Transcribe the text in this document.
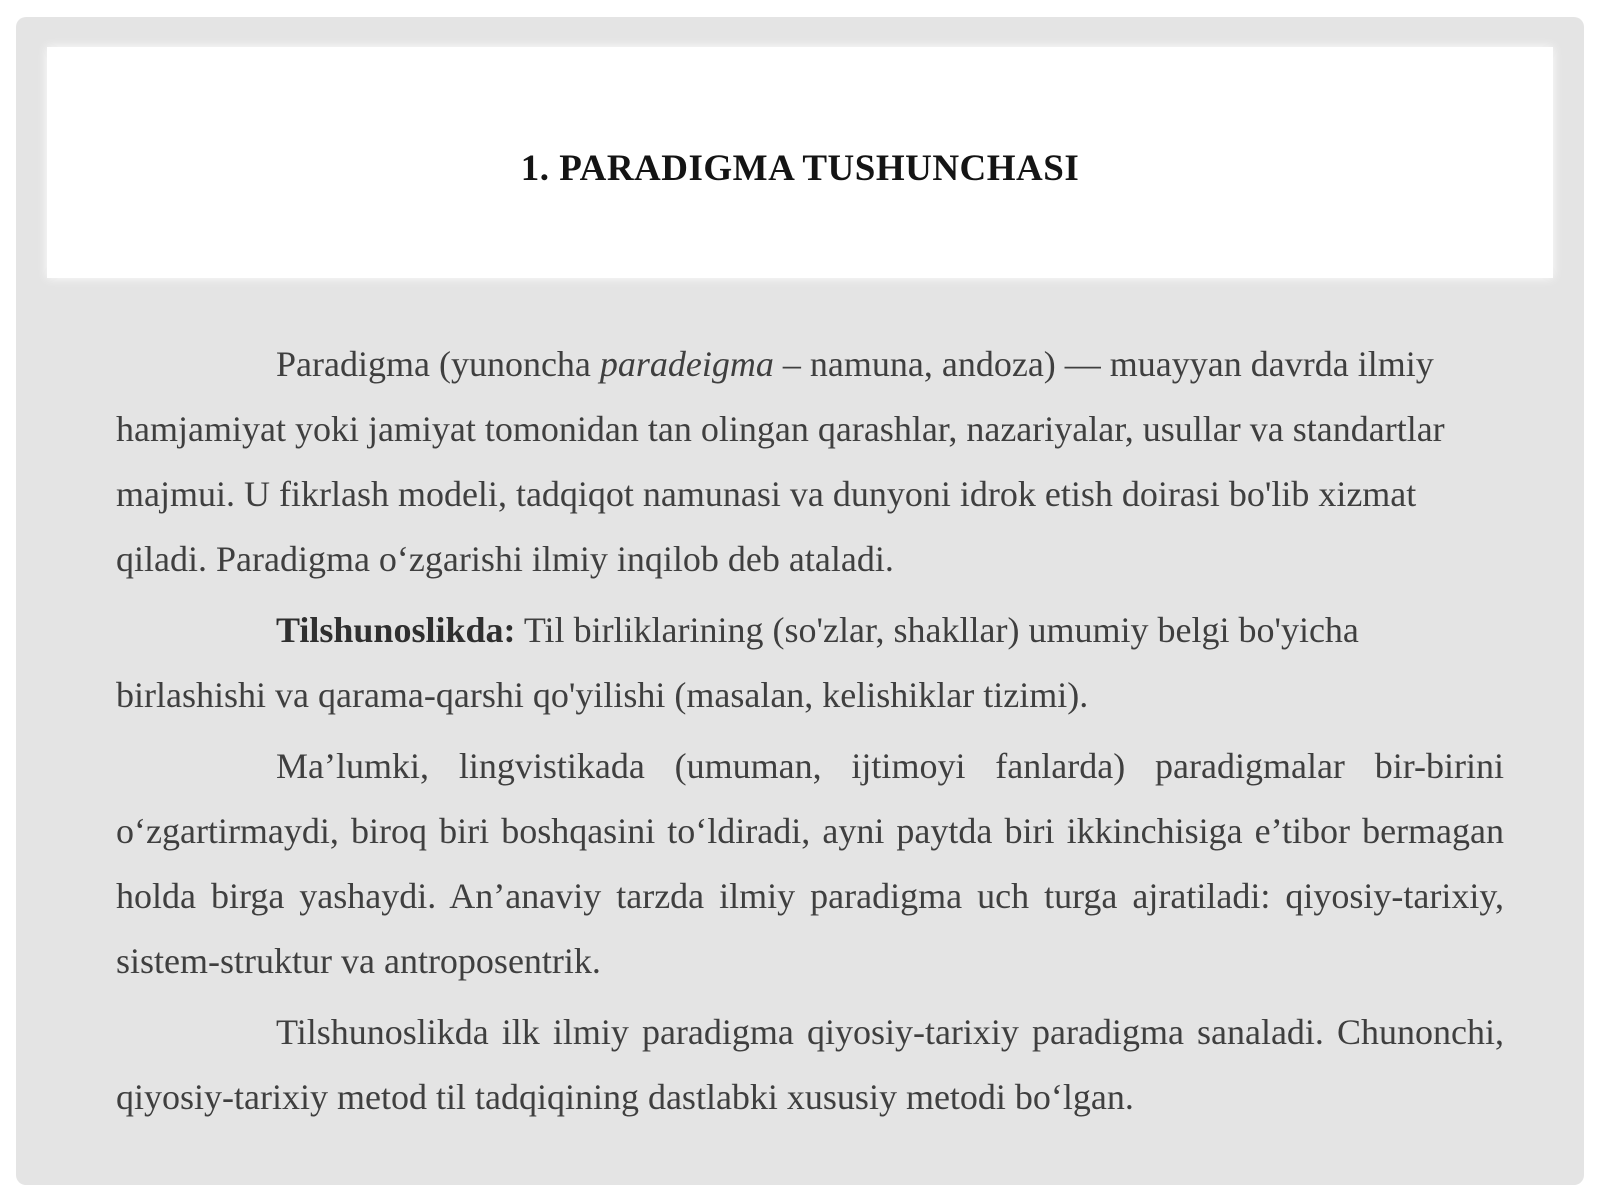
1. PARADIGMA TUSHUNCHASI

Paradigma (yunoncha paradeigma – namuna, andoza) — muayyan davrda ilmiy hamjamiyat yoki jamiyat tomonidan tan olingan qarashlar, nazariyalar, usullar va standartlar majmui. U fikrlash modeli, tadqiqot namunasi va dunyoni idrok etish doirasi bo'lib xizmat qiladi. Paradigma o‘zgarishi ilmiy inqilob deb ataladi.

Tilshunoslikda: Til birliklarining (so'zlar, shakllar) umumiy belgi bo'yicha birlashishi va qarama-qarshi qo'yilishi (masalan, kelishiklar tizimi).

Ma’lumki, lingvistikada (umuman, ijtimoyi fanlarda) paradigmalar bir-birini o‘zgartirmaydi, biroq biri boshqasini to‘ldiradi, ayni paytda biri ikkinchisiga e’tibor bermagan holda birga yashaydi. An’anaviy tarzda ilmiy paradigma uch turga ajratiladi: qiyosiy-tarixiy, sistem-struktur va antroposentrik.

Tilshunoslikda ilk ilmiy paradigma qiyosiy-tarixiy paradigma sanaladi. Chunonchi, qiyosiy-tarixiy metod til tadqiqining dastlabki xususiy metodi bo‘lgan.
